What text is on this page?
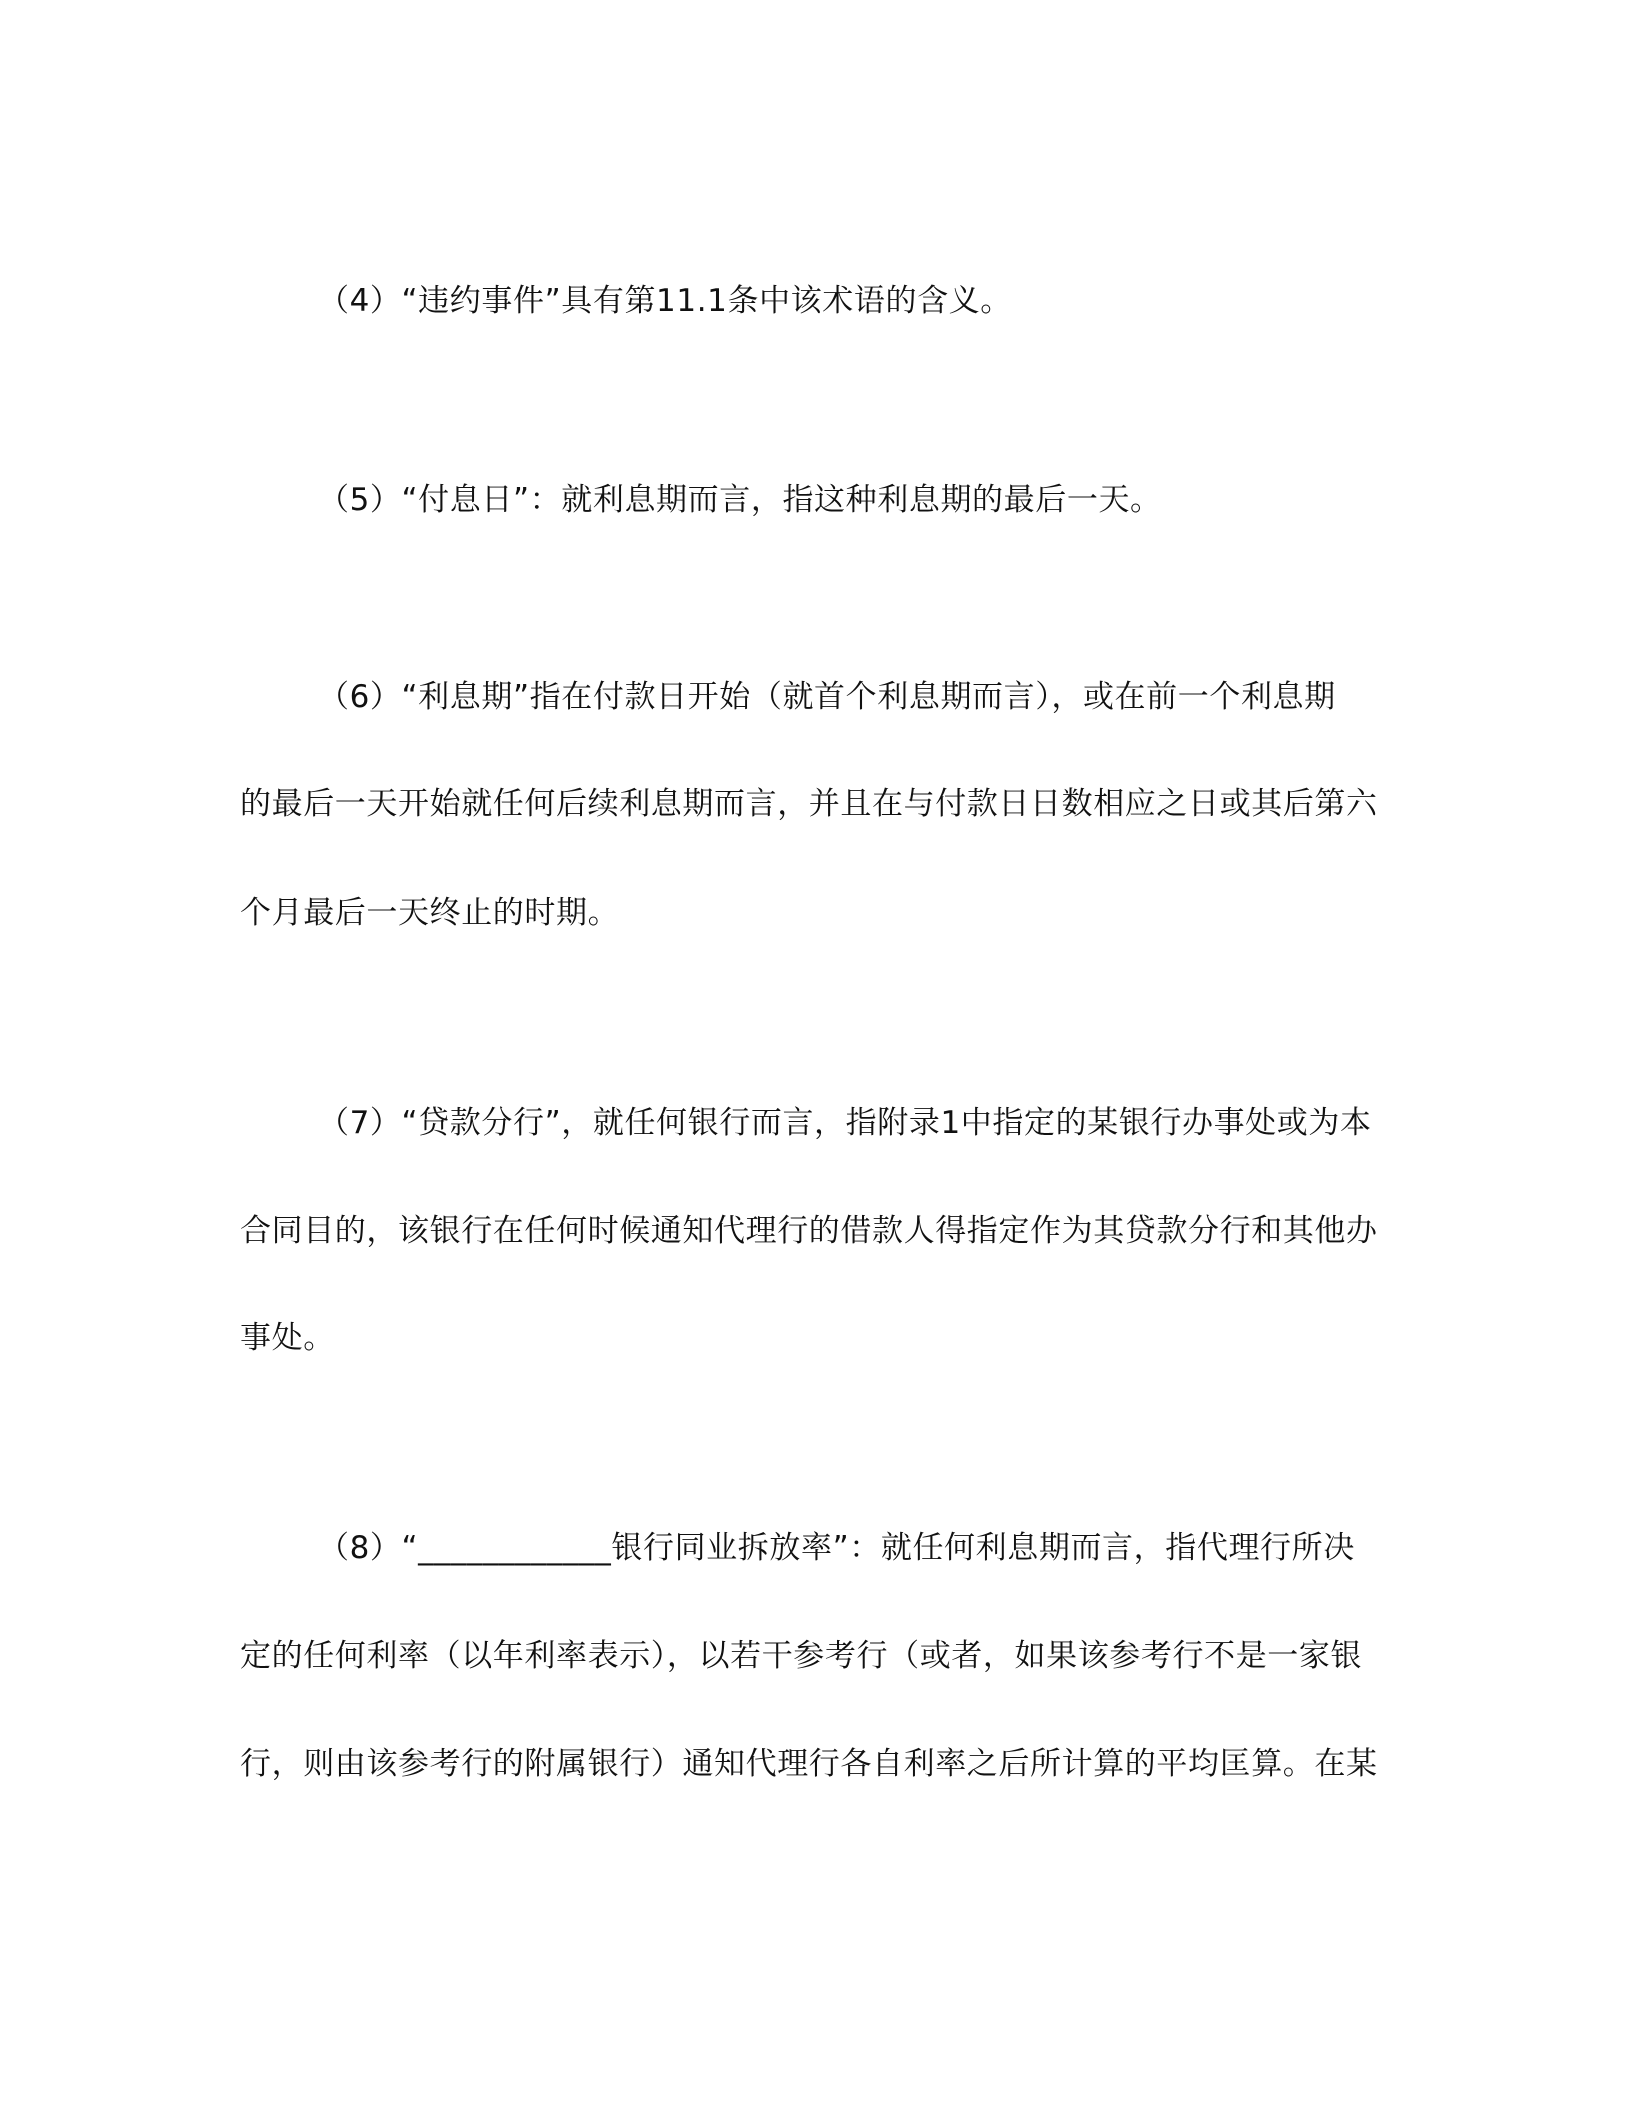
（4）“违约事件”具有第11.1条中该术语的含义。
（5）“付息日”：就利息期而言，指这种利息期的最后一天。
（6）“利息期”指在付款日开始（就首个利息期而言），或在前一个利息期
的最后一天开始就任何后续利息期而言，并且在与付款日日数相应之日或其后第六
个月最后一天终止的时期。
（7）“贷款分行”，就任何银行而言，指附录1中指定的某银行办事处或为本
合同目的，该银行在任何时候通知代理行的借款人得指定作为其贷款分行和其他办
事处。
（8）“____________银行同业拆放率”：就任何利息期而言，指代理行所决
定的任何利率（以年利率表示），以若干参考行（或者，如果该参考行不是一家银
行，则由该参考行的附属银行）通知代理行各自利率之后所计算的平均匡算。在某
